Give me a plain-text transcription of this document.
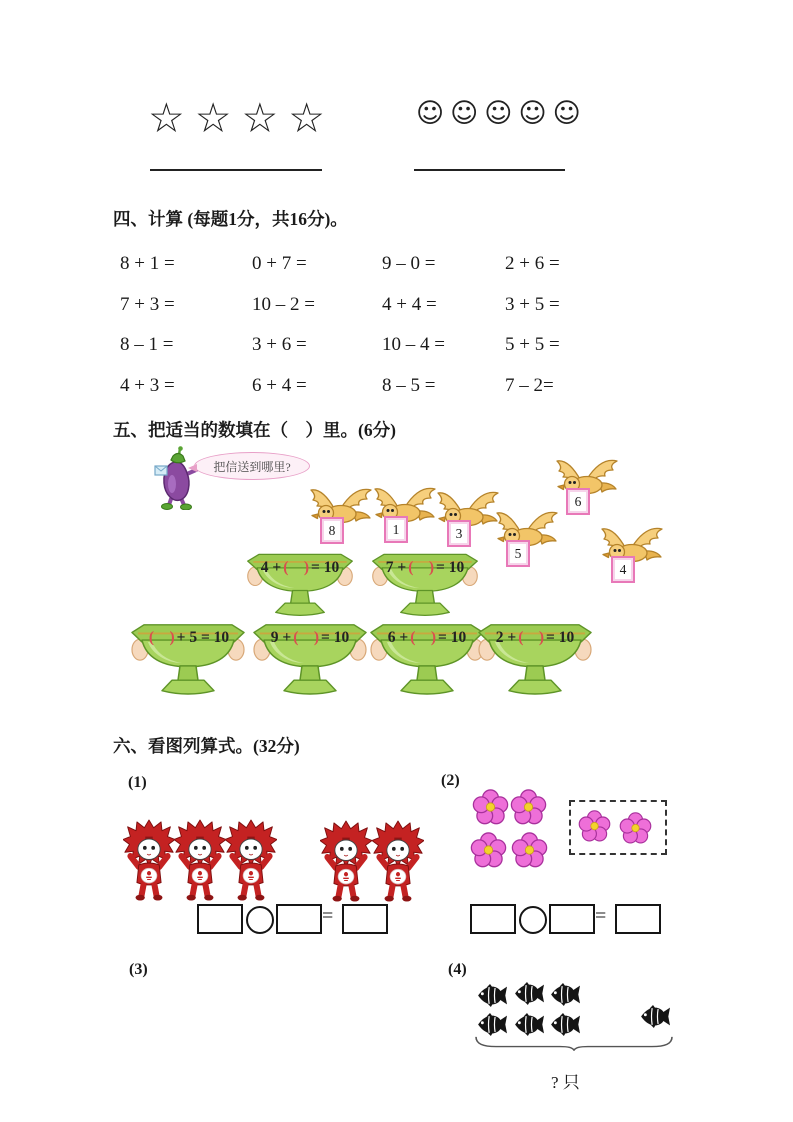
☆☆☆☆	☺☺☺☺☺
四、计算 (每题1分，共16分)。
8 + 1 =	0 + 7 =	9 – 0 =	2 + 6 =
7 + 3 =	10 – 2 =	4 + 4 =	3 + 5 =
8 – 1 =	3 + 6 =	10 – 4 =	5 + 5 =
4 + 3 =	6 + 4 =	8 – 5 =	7 – 2=
五、把适当的数填在（　）里。(6分)
把信送到哪里?
8	1	3
5
6
4
4 + (    ) = 10	7 + (    ) = 10
(    ) + 5 = 10	9 + (    ) = 10	6 + (    ) = 10	2 + (    ) = 10
六、看图列算式。(32分)
(1)
=
(2)
=
(3)	(4)
? 只
